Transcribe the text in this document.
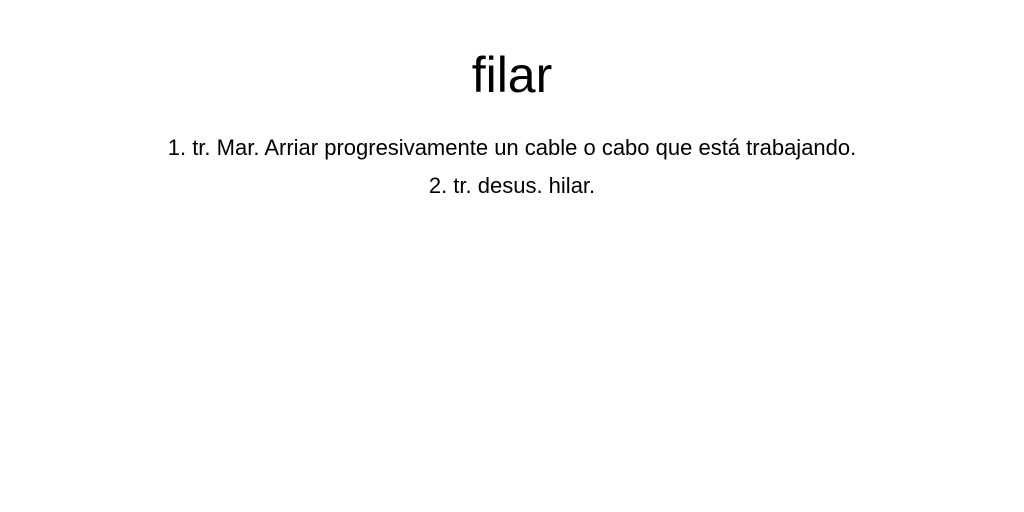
filar
1. tr. Mar. Arriar progresivamente un cable o cabo que está trabajando.
2. tr. desus. hilar.
